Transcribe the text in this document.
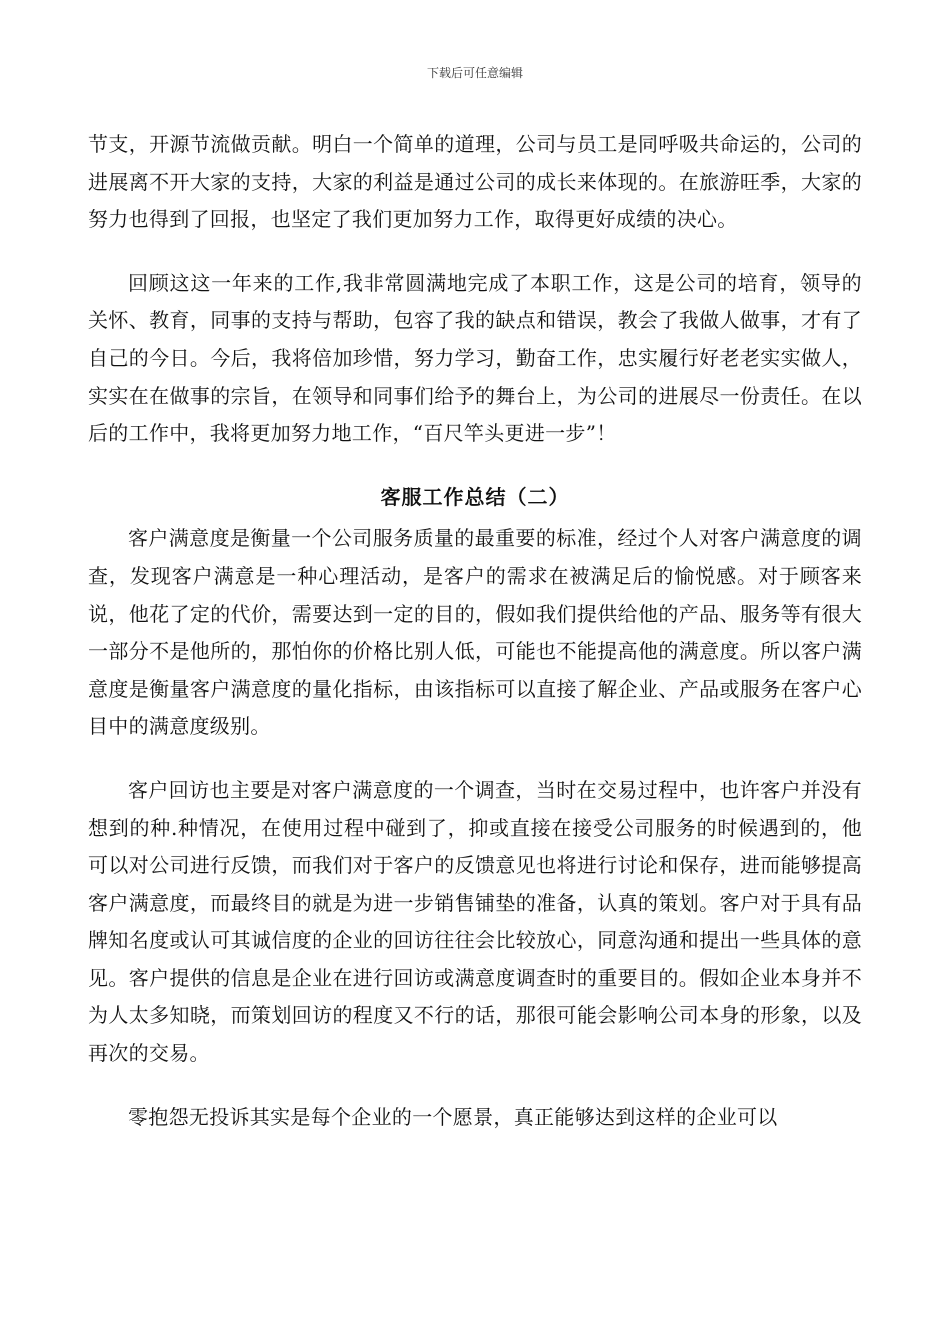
下载后可任意编辑

节支，开源节流做贡献。明白一个简单的道理，公司与员工是同呼吸共命运的，公司的进展离不开大家的支持，大家的利益是通过公司的成长来体现的。在旅游旺季，大家的努力也得到了回报，也坚定了我们更加努力工作，取得更好成绩的决心。

回顾这这一年来的工作,我非常圆满地完成了本职工作，这是公司的培育，领导的关怀、教育，同事的支持与帮助，包容了我的缺点和错误，教会了我做人做事，才有了自己的今日。今后，我将倍加珍惜，努力学习，勤奋工作，忠实履行好老老实实做人，实实在在做事的宗旨，在领导和同事们给予的舞台上，为公司的进展尽一份责任。在以后的工作中，我将更加努力地工作，“百尺竿头更进一步”！

客服工作总结（二）

客户满意度是衡量一个公司服务质量的最重要的标准，经过个人对客户满意度的调查，发现客户满意是一种心理活动，是客户的需求在被满足后的愉悦感。对于顾客来说，他花了定的代价，需要达到一定的目的，假如我们提供给他的产品、服务等有很大一部分不是他所的，那怕你的价格比别人低，可能也不能提高他的满意度。所以客户满意度是衡量客户满意度的量化指标，由该指标可以直接了解企业、产品或服务在客户心目中的满意度级别。

客户回访也主要是对客户满意度的一个调查，当时在交易过程中，也许客户并没有想到的种.种情况，在使用过程中碰到了，抑或直接在接受公司服务的时候遇到的，他可以对公司进行反馈，而我们对于客户的反馈意见也将进行讨论和保存，进而能够提高客户满意度，而最终目的就是为进一步销售铺垫的准备，认真的策划。客户对于具有品牌知名度或认可其诚信度的企业的回访往往会比较放心，同意沟通和提出一些具体的意见。客户提供的信息是企业在进行回访或满意度调查时的重要目的。假如企业本身并不为人太多知晓，而策划回访的程度又不行的话，那很可能会影响公司本身的形象，以及再次的交易。

零抱怨无投诉其实是每个企业的一个愿景，真正能够达到这样的企业可以
